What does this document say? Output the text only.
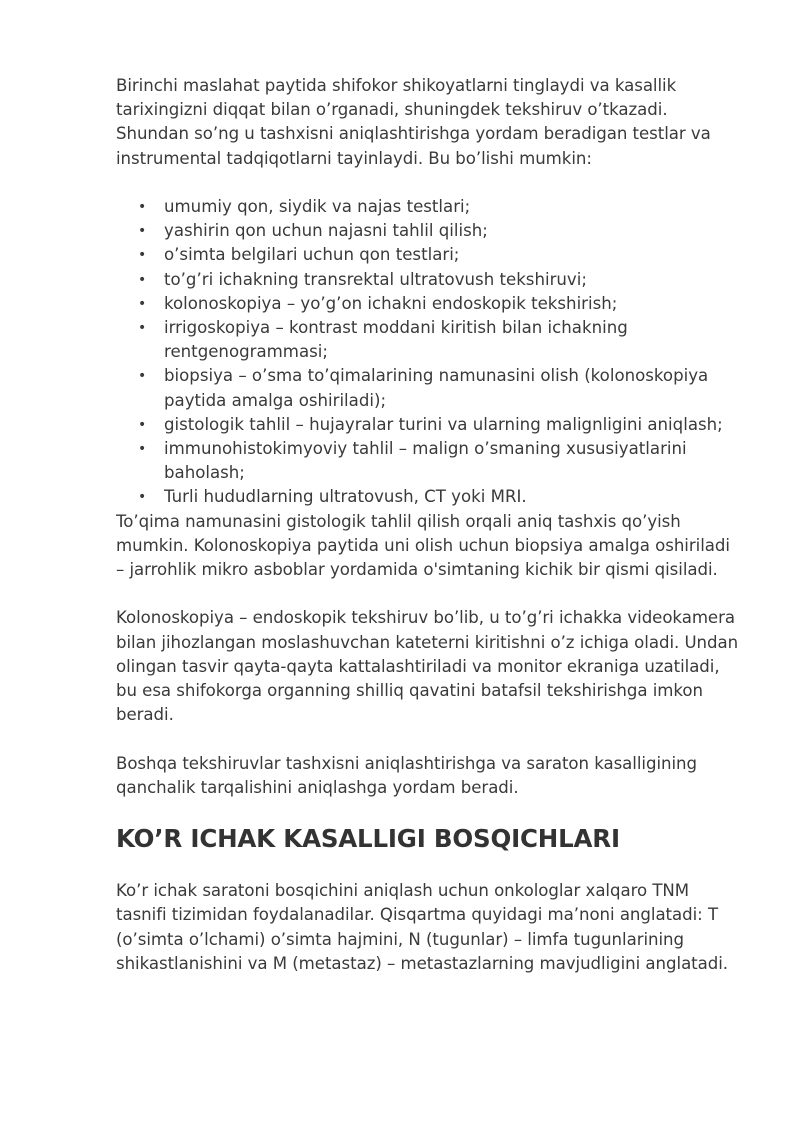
Birinchi maslahat paytida shifokor shikoyatlarni tinglaydi va kasallik tarixingizni diqqat bilan o’rganadi, shuningdek tekshiruv o’tkazadi. Shundan so’ng u tashxisni aniqlashtirishga yordam beradigan testlar va instrumental tadqiqotlarni tayinlaydi. Bu bo’lishi mumkin:

• umumiy qon, siydik va najas testlari;
• yashirin qon uchun najasni tahlil qilish;
• o’simta belgilari uchun qon testlari;
• to’g’ri ichakning transrektal ultratovush tekshiruvi;
• kolonoskopiya – yo’g’on ichakni endoskopik tekshirish;
• irrigoskopiya – kontrast moddani kiritish bilan ichakning rentgenogrammasi;
• biopsiya – o’sma to’qimalarining namunasini olish (kolonoskopiya paytida amalga oshiriladi);
• gistologik tahlil – hujayralar turini va ularning malignligini aniqlash;
• immunohistokimyoviy tahlil – malign o’smaning xususiyatlarini baholash;
• Turli hududlarning ultratovush, CT yoki MRI.

To’qima namunasini gistologik tahlil qilish orqali aniq tashxis qo’yish mumkin. Kolonoskopiya paytida uni olish uchun biopsiya amalga oshiriladi – jarrohlik mikro asboblar yordamida o'simtaning kichik bir qismi qisiladi.

Kolonoskopiya – endoskopik tekshiruv bo’lib, u to’g’ri ichakka videokamera bilan jihozlangan moslashuvchan kateterni kiritishni o’z ichiga oladi. Undan olingan tasvir qayta-qayta kattalashtiriladi va monitor ekraniga uzatiladi, bu esa shifokorga organning shilliq qavatini batafsil tekshirishga imkon beradi.

Boshqa tekshiruvlar tashxisni aniqlashtirishga va saraton kasalligining qanchalik tarqalishini aniqlashga yordam beradi.

KO’R ICHAK KASALLIGI BOSQICHLARI

Ko’r ichak saratoni bosqichini aniqlash uchun onkologlar xalqaro TNM tasnifi tizimidan foydalanadilar. Qisqartma quyidagi ma’noni anglatadi: T (o’simta o’lchami) o’simta hajmini, N (tugunlar) – limfa tugunlarining shikastlanishini va M (metastaz) – metastazlarning mavjudligini anglatadi.
